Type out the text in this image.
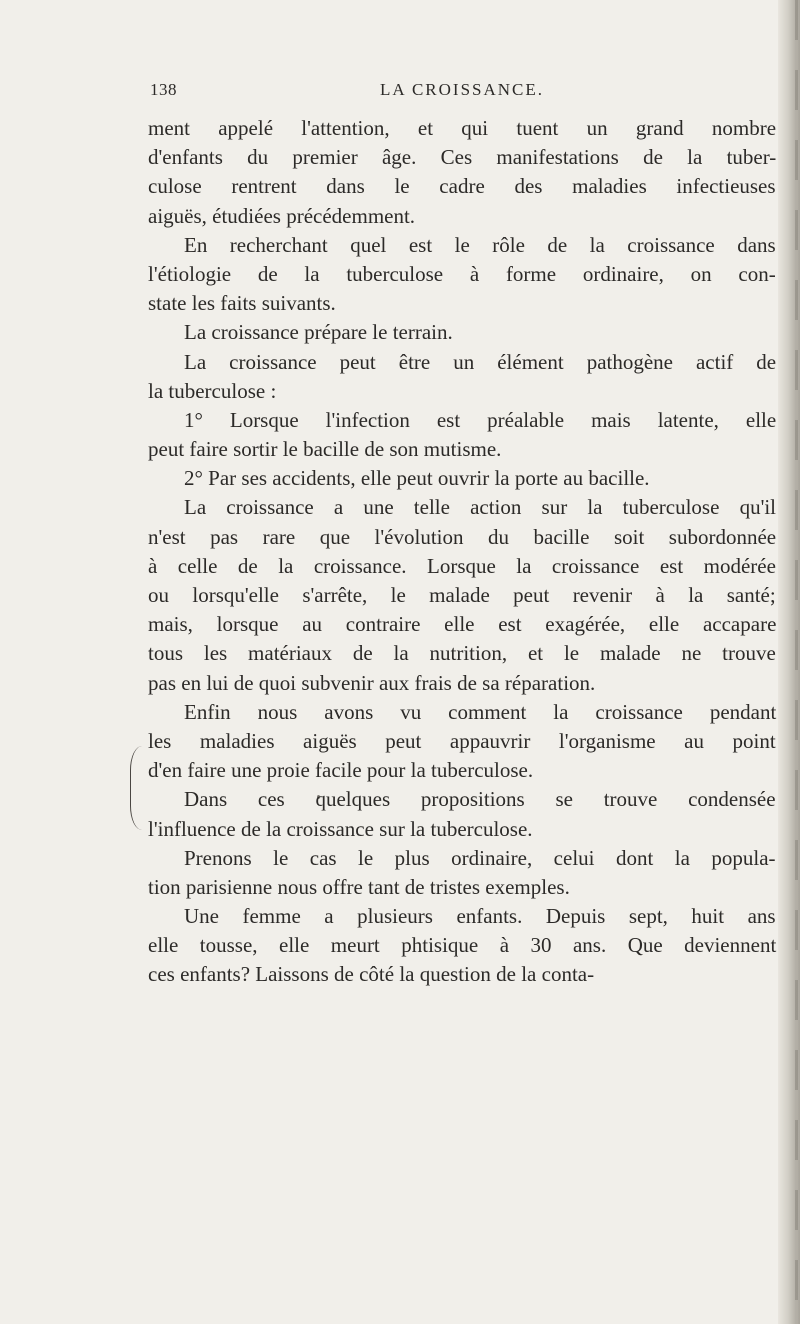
138	LA CROISSANCE.
ment appelé l'attention, et qui tuent un grand nombre
d'enfants du premier âge. Ces manifestations de la tuber-
culose rentrent dans le cadre des maladies infectieuses
aiguës, étudiées précédemment.
En recherchant quel est le rôle de la croissance dans
l'étiologie de la tuberculose à forme ordinaire, on con-
state les faits suivants.
La croissance prépare le terrain.
La croissance peut être un élément pathogène actif de
la tuberculose :
1° Lorsque l'infection est préalable mais latente, elle
peut faire sortir le bacille de son mutisme.
2° Par ses accidents, elle peut ouvrir la porte au bacille.
La croissance a une telle action sur la tuberculose qu'il
n'est pas rare que l'évolution du bacille soit subordonnée
à celle de la croissance. Lorsque la croissance est modérée
ou lorsqu'elle s'arrête, le malade peut revenir à la santé;
mais, lorsque au contraire elle est exagérée, elle accapare
tous les matériaux de la nutrition, et le malade ne trouve
pas en lui de quoi subvenir aux frais de sa réparation.
Enfin nous avons vu comment la croissance pendant
les maladies aiguës peut appauvrir l'organisme au point
d'en faire une proie facile pour la tuberculose.
Dans ces quelques propositions se trouve condensée
l'influence de la croissance sur la tuberculose.
Prenons le cas le plus ordinaire, celui dont la popula-
tion parisienne nous offre tant de tristes exemples.
Une femme a plusieurs enfants. Depuis sept, huit ans
elle tousse, elle meurt phtisique à 30 ans. Que deviennent
ces enfants? Laissons de côté la question de la conta-
